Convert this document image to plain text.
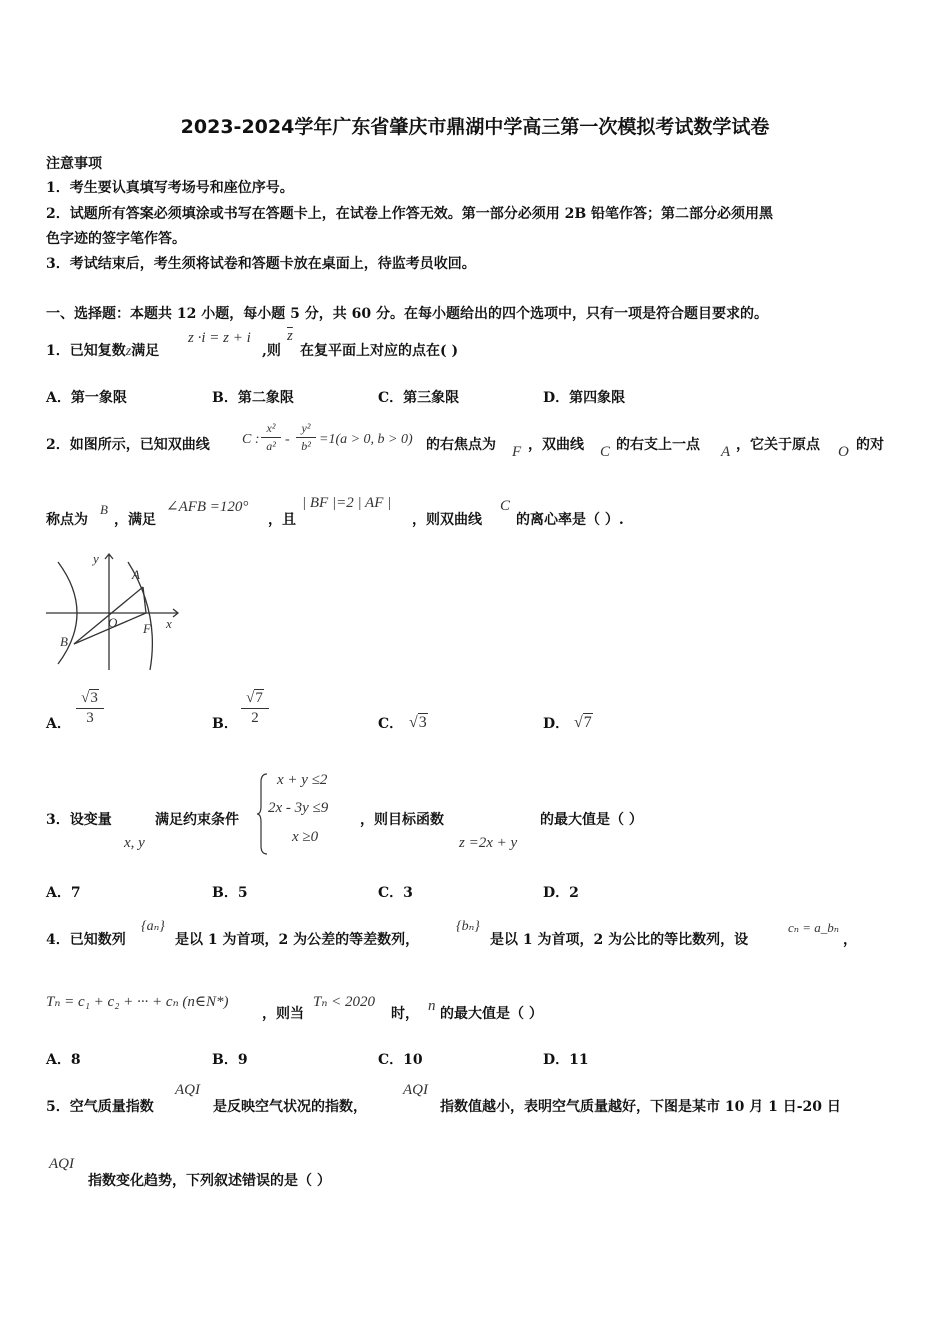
2023-2024学年广东省肇庆市鼎湖中学高三第一次模拟考试数学试卷
注意事项
1．考生要认真填写考场号和座位序号。
2．试题所有答案必须填涂或书写在答题卡上，在试卷上作答无效。第一部分必须用 2B 铅笔作答；第二部分必须用黑
色字迹的签字笔作答。
3．考试结束后，考生须将试卷和答题卡放在桌面上，待监考员收回。
一、选择题：本题共 12 小题，每小题 5 分，共 60 分。在每小题给出的四个选项中，只有一项是符合题目要求的。
1．已知复数z满足
z ·i = z + i
,则
$\overline{z}$
在复平面上对应的点在( )
A．第一象限	B．第二象限	C．第三象限	D．第四象限
2．如图所示，已知双曲线 C :
x²
a² -
y²
b² =1(a > 0, b > 0) 的右焦点为 F ，双曲线 C 的右支上一点 A ，它关于原点 O 的对
称点为
B
，满足
∠AFB =120°
，且
| BF |=2 | AF |
，则双曲线
C
的离心率是（ ）.
y
x
A
B
O F
A．
√3
3	B．
√7
2	C． √3	D． √7
3．设变量
x, y
满足约束条件
x + y ≤2
2x - 3y ≤9
x ≥0
，则目标函数
z =2x + y
的最大值是（ ）
A．7	B．5	C．3	D．2
4．已知数列
{aₙ}
是以 1 为首项，2 为公差的等差数列，
{bₙ}
是以 1 为首项，2 为公比的等比数列，设
cₙ = a_bₙ
，
Tₙ = c₁ + c₂ + ··· + cₙ (n∈N*)
，则当
Tₙ < 2020
时， n 的最大值是（ ）
A．8	B．9	C．10	D．11
5．空气质量指数
AQI
是反映空气状况的指数，
AQI
指数值越小，表明空气质量越好，下图是某市 10 月 1 日-20 日
AQI
指数变化趋势，下列叙述错误的是（ ）
